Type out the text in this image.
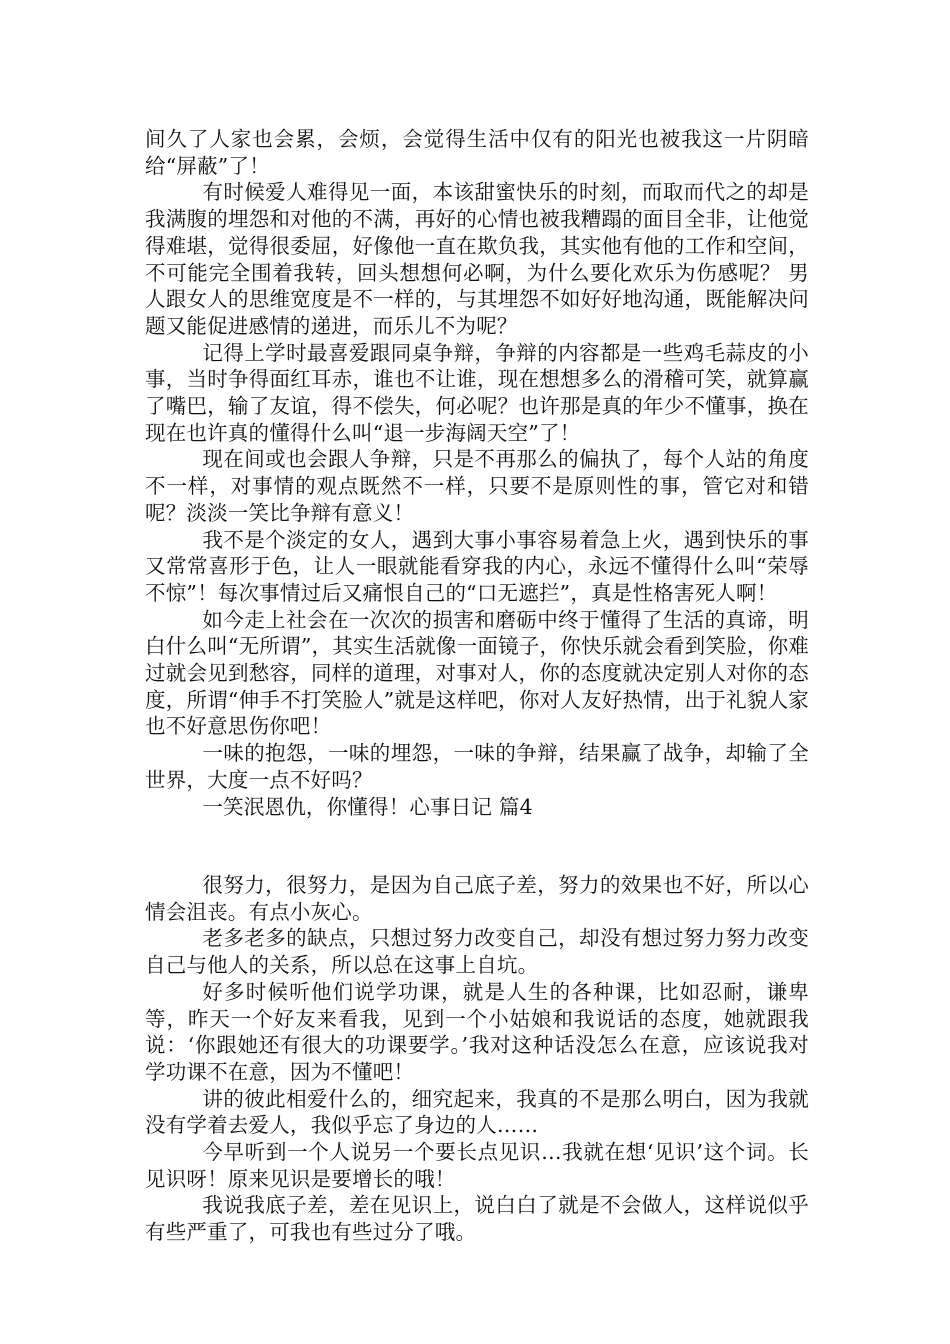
间久了人家也会累，会烦，会觉得生活中仅有的阳光也被我这一片阴暗给“屏蔽”了！

有时候爱人难得见一面，本该甜蜜快乐的时刻，而取而代之的却是我满腹的埋怨和对他的不满，再好的心情也被我糟蹋的面目全非，让他觉得难堪，觉得很委屈，好像他一直在欺负我，其实他有他的工作和空间，不可能完全围着我转，回头想想何必啊，为什么要化欢乐为伤感呢？ 男人跟女人的思维宽度是不一样的，与其埋怨不如好好地沟通，既能解决问题又能促进感情的递进，而乐儿不为呢？

记得上学时最喜爱跟同桌争辩，争辩的内容都是一些鸡毛蒜皮的小事，当时争得面红耳赤，谁也不让谁，现在想想多么的滑稽可笑，就算赢了嘴巴，输了友谊，得不偿失，何必呢？也许那是真的年少不懂事，换在现在也许真的懂得什么叫“退一步海阔天空”了！

现在间或也会跟人争辩，只是不再那么的偏执了，每个人站的角度不一样，对事情的观点既然不一样，只要不是原则性的事，管它对和错呢？淡淡一笑比争辩有意义！

我不是个淡定的女人，遇到大事小事容易着急上火，遇到快乐的事又常常喜形于色，让人一眼就能看穿我的内心，永远不懂得什么叫“荣辱不惊”！每次事情过后又痛恨自己的“口无遮拦”，真是性格害死人啊！

如今走上社会在一次次的损害和磨砺中终于懂得了生活的真谛，明白什么叫“无所谓”，其实生活就像一面镜子，你快乐就会看到笑脸，你难过就会见到愁容，同样的道理，对事对人，你的态度就决定别人对你的态度，所谓“伸手不打笑脸人”就是这样吧，你对人友好热情，出于礼貌人家也不好意思伤你吧！

一味的抱怨，一味的埋怨，一味的争辩，结果赢了战争，却输了全世界，大度一点不好吗？

一笑泯恩仇，你懂得！心事日记 篇4

很努力，很努力，是因为自己底子差，努力的效果也不好，所以心情会沮丧。有点小灰心。

老多老多的缺点，只想过努力改变自己，却没有想过努力努力改变自己与他人的关系，所以总在这事上自坑。

好多时候听他们说学功课，就是人生的各种课，比如忍耐，谦卑等，昨天一个好友来看我，见到一个小姑娘和我说话的态度，她就跟我说：‘你跟她还有很大的功课要学。’我对这种话没怎么在意，应该说我对学功课不在意，因为不懂吧！

讲的彼此相爱什么的，细究起来，我真的不是那么明白，因为我就没有学着去爱人，我似乎忘了身边的人……

今早听到一个人说另一个要长点见识…我就在想‘见识’这个词。长见识呀！原来见识是要增长的哦！

我说我底子差，差在见识上，说白白了就是不会做人，这样说似乎有些严重了，可我也有些过分了哦。
